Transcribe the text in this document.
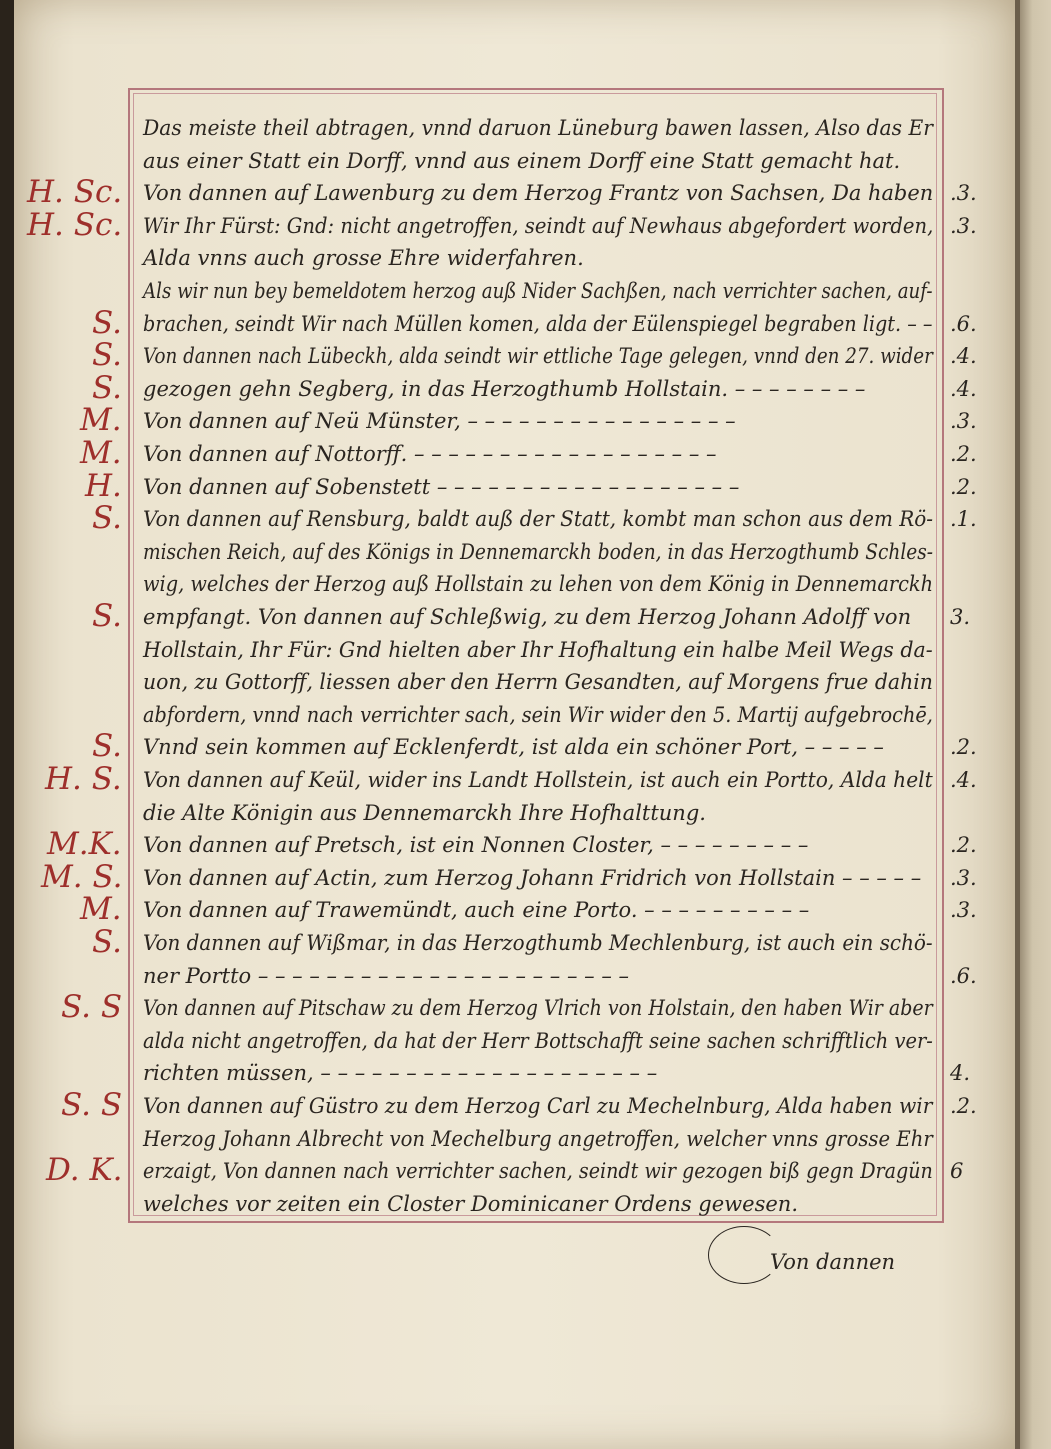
Das meiste theil abtragen, vnnd daruon Lüneburg bawen lassen, Also das Er
aus einer Statt ein Dorff, vnnd aus einem Dorff eine Statt gemacht hat.
Von dannen auf Lawenburg zu dem Herzog Frantz von Sachsen, Da haben
Wir Ihr Fürst: Gnd: nicht angetroffen, seindt auf Newhaus abgefordert worden,
Alda vnns auch grosse Ehre widerfahren.
Als wir nun bey bemeldotem herzog auß Nider Sachßen, nach verrichter sachen, auf-
brachen, seindt Wir nach Müllen komen, alda der Eülenspiegel begraben ligt. – –
Von dannen nach Lübeckh, alda seindt wir ettliche Tage gelegen, vnnd den 27. wider
gezogen gehn Segberg, in das Herzogthumb Hollstain. – – – – – – – –
Von dannen auf Neü Münster, – – – – – – – – – – – – – – – –
Von dannen auf Nottorff. – – – – – – – – – – – – – – – – – –
Von dannen auf Sobenstett – – – – – – – – – – – – – – – – – –
Von dannen auf Rensburg, baldt auß der Statt, kombt man schon aus dem Rö-
mischen Reich, auf des Königs in Dennemarckh boden, in das Herzogthumb Schles-
wig, welches der Herzog auß Hollstain zu lehen von dem König in Dennemarckh
empfangt. Von dannen auf Schleßwig, zu dem Herzog Johann Adolff von
Hollstain, Ihr Für: Gnd hielten aber Ihr Hofhaltung ein halbe Meil Wegs da-
uon, zu Gottorff, liessen aber den Herrn Gesandten, auf Morgens frue dahin
abfordern, vnnd nach verrichter sach, sein Wir wider den 5. Martij aufgebrochē,
Vnnd sein kommen auf Ecklenferdt, ist alda ein schöner Port, – – – – –
Von dannen auf Keül, wider ins Landt Hollstein, ist auch ein Portto, Alda helt
die Alte Königin aus Dennemarckh Ihre Hofhalttung.
Von dannen auf Pretsch, ist ein Nonnen Closter, – – – – – – – – –
Von dannen auf Actin, zum Herzog Johann Fridrich von Hollstain – – – – –
Von dannen auf Trawemündt, auch eine Porto. – – – – – – – – – –
Von dannen auf Wißmar, in das Herzogthumb Mechlenburg, ist auch ein schö-
ner Portto – – – – – – – – – – – – – – – – – – – – – –
Von dannen auf Pitschaw zu dem Herzog Vlrich von Holstain, den haben Wir aber
alda nicht angetroffen, da hat der Herr Bottschafft seine sachen schrifftlich ver-
richten müssen, – – – – – – – – – – – – – – – – – – – –
Von dannen auf Güstro zu dem Herzog Carl zu Mechelnburg, Alda haben wir
Herzog Johann Albrecht von Mechelburg angetroffen, welcher vnns grosse Ehr
erzaigt, Von dannen nach verrichter sachen, seindt wir gezogen biß gegn Dragün
welches vor zeiten ein Closter Dominicaner Ordens gewesen.
H. Sc.
H. Sc.
S.
S.
S.
M.
M.
H.
S.
S.
S.
H. S.
M.K.
M. S.
M.
S.
S. S
S. S
D. K.
.3.
.3.
.6.
.4.
.4.
.3.
.2.
.2.
.1.
3.
.2.
.4.
.2.
.3.
.3.
.6.
4.
.2.
6
Von dannen
